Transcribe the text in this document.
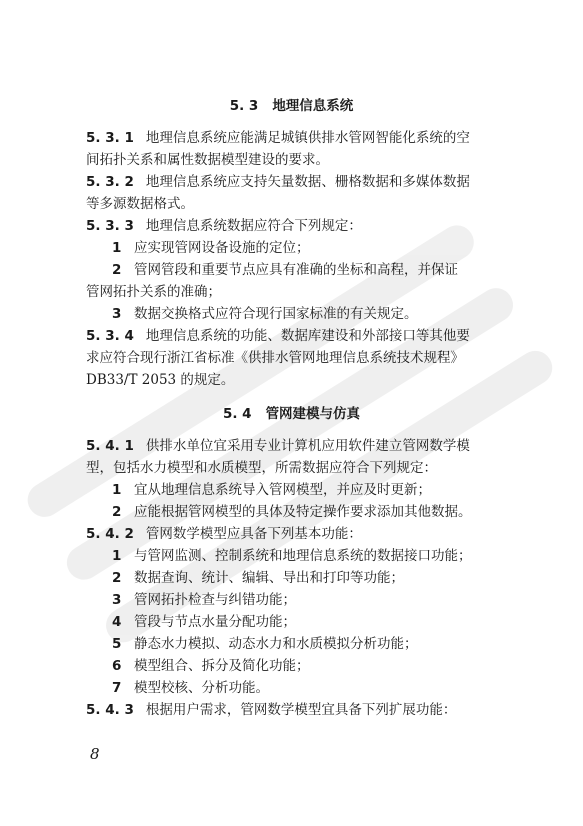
5. 3 地理信息系统
5. 3. 1 地理信息系统应能满足城镇供排水管网智能化系统的空
间拓扑关系和属性数据模型建设的要求。
5. 3. 2 地理信息系统应支持矢量数据、栅格数据和多媒体数据
等多源数据格式。
5. 3. 3 地理信息系统数据应符合下列规定：
1 应实现管网设备设施的定位；
2 管网管段和重要节点应具有准确的坐标和高程，并保证
管网拓扑关系的准确；
3 数据交换格式应符合现行国家标准的有关规定。
5. 3. 4 地理信息系统的功能、数据库建设和外部接口等其他要
求应符合现行浙江省标准《供排水管网地理信息系统技术规程》
DB33/T 2053 的规定。
5. 4 管网建模与仿真
5. 4. 1 供排水单位宜采用专业计算机应用软件建立管网数学模
型，包括水力模型和水质模型，所需数据应符合下列规定：
1 宜从地理信息系统导入管网模型，并应及时更新；
2 应能根据管网模型的具体及特定操作要求添加其他数据。
5. 4. 2 管网数学模型应具备下列基本功能：
1 与管网监测、控制系统和地理信息系统的数据接口功能；
2 数据查询、统计、编辑、导出和打印等功能；
3 管网拓扑检查与纠错功能；
4 管段与节点水量分配功能；
5 静态水力模拟、动态水力和水质模拟分析功能；
6 模型组合、拆分及简化功能；
7 模型校核、分析功能。
5. 4. 3 根据用户需求，管网数学模型宜具备下列扩展功能：
8
